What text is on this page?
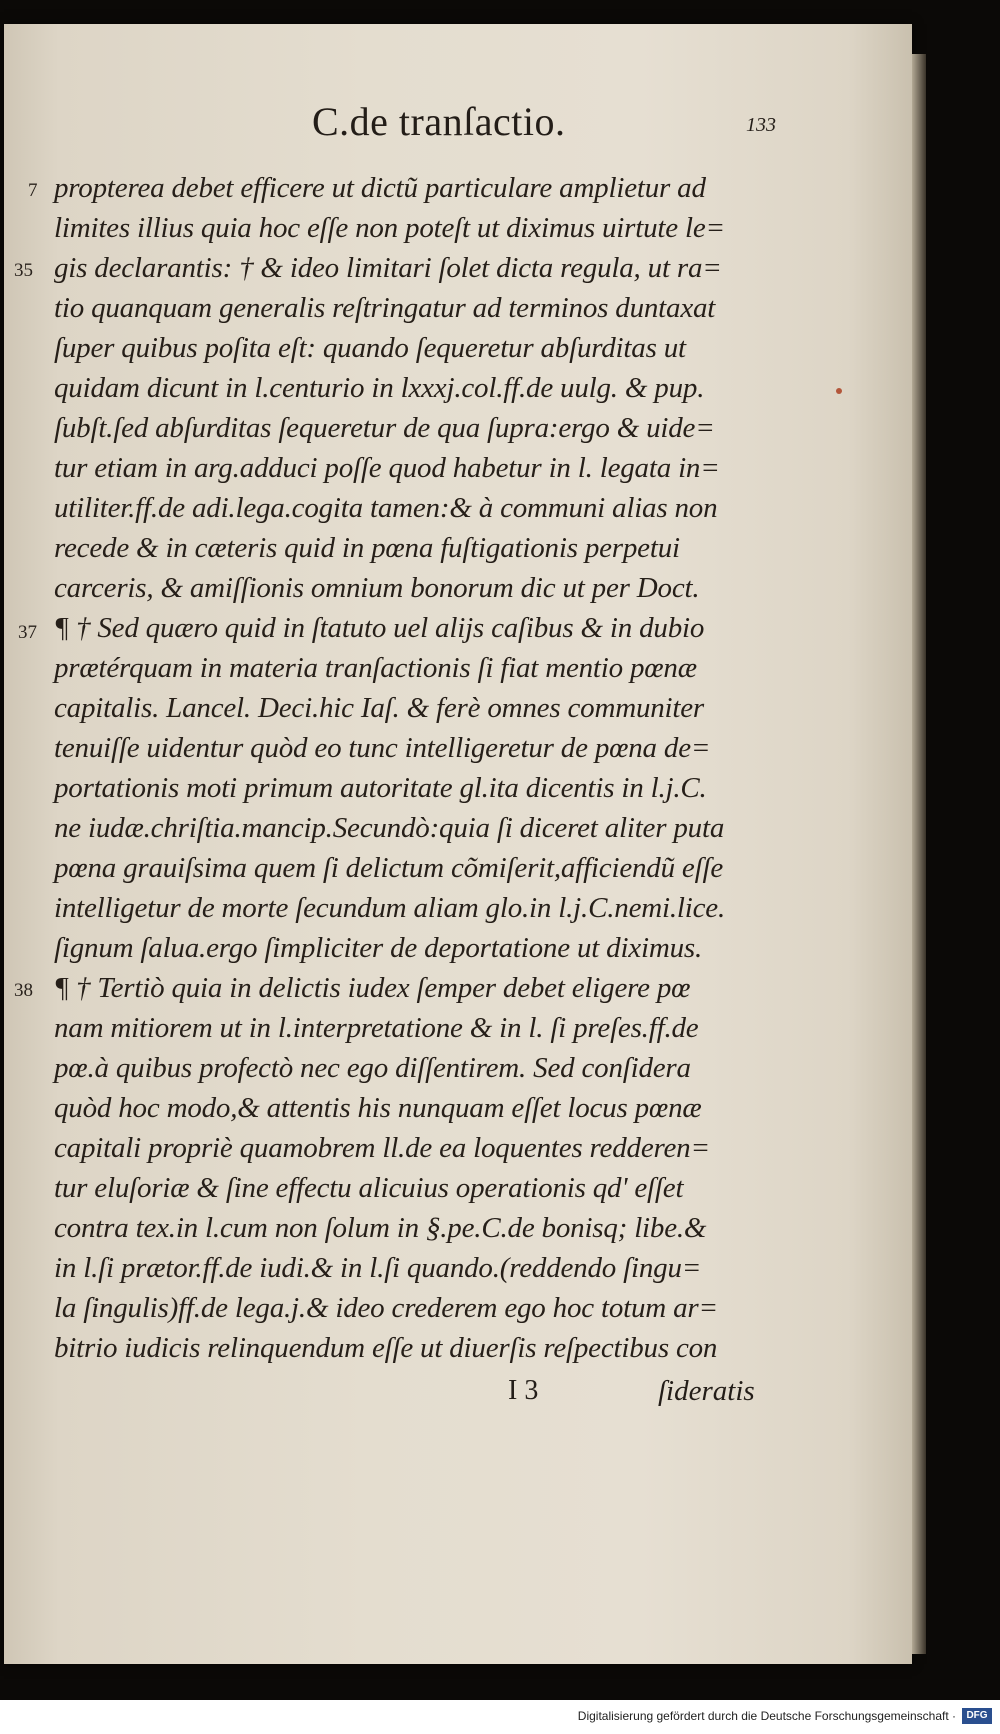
C.de tranſactio.	133
7
35
37
38
propterea debet efficere ut dictũ particulare amplietur ad
limites illius quia hoc eſſe non poteſt ut diximus uirtute le=
gis declarantis: † & ideo limitari ſolet dicta regula, ut ra=
tio quanquam generalis reſtringatur ad terminos duntaxat
ſuper quibus poſita eſt: quando ſequeretur abſurditas ut
quidam dicunt in l.centurio in lxxxj.col.ff.de uulg. & pup.
ſubſt.ſed abſurditas ſequeretur de qua ſupra:ergo & uide=
tur etiam in arg.adduci poſſe quod habetur in l. legata in=
utiliter.ff.de adi.lega.cogita tamen:& à communi alias non
recede & in cæteris quid in pœna fuſtigationis perpetui
carceris, & amiſſionis omnium bonorum dic ut per Doct.
¶ † Sed quæro quid in ſtatuto uel alijs caſibus & in dubio
prætérquam in materia tranſactionis ſi fiat mentio pœnæ
capitalis. Lancel. Deci.hic Iaſ. & ferè omnes communiter
tenuiſſe uidentur quòd eo tunc intelligeretur de pœna de=
portationis moti primum autoritate gl.ita dicentis in l.j.C.
ne iudæ.chriſtia.mancip.Secundò:quia ſi diceret aliter puta
pœna grauiſsima quem ſi delictum cõmiſerit,afficiendũ eſſe
intelligetur de morte ſecundum aliam glo.in l.j.C.nemi.lice.
ſignum ſalua.ergo ſimpliciter de deportatione ut diximus.
¶ † Tertiò quia in delictis iudex ſemper debet eligere pœ
nam mitiorem ut in l.interpretatione & in l. ſi preſes.ff.de
pœ.à quibus profectò nec ego diſſentirem. Sed conſidera
quòd hoc modo,& attentis his nunquam eſſet locus pœnæ
capitali propriè quamobrem ll.de ea loquentes redderen=
tur eluſoriæ & ſine effectu alicuius operationis qd' eſſet
contra tex.in l.cum non ſolum in §.pe.C.de bonisq; libe.&
in l.ſi prætor.ff.de iudi.& in l.ſi quando.(reddendo ſingu=
la ſingulis)ff.de lega.j.& ideo crederem ego hoc totum ar=
bitrio iudicis relinquendum eſſe ut diuerſis reſpectibus con
I 3	ſideratis
Digitalisierung gefördert durch die Deutsche Forschungsgemeinschaft ·	DFG
